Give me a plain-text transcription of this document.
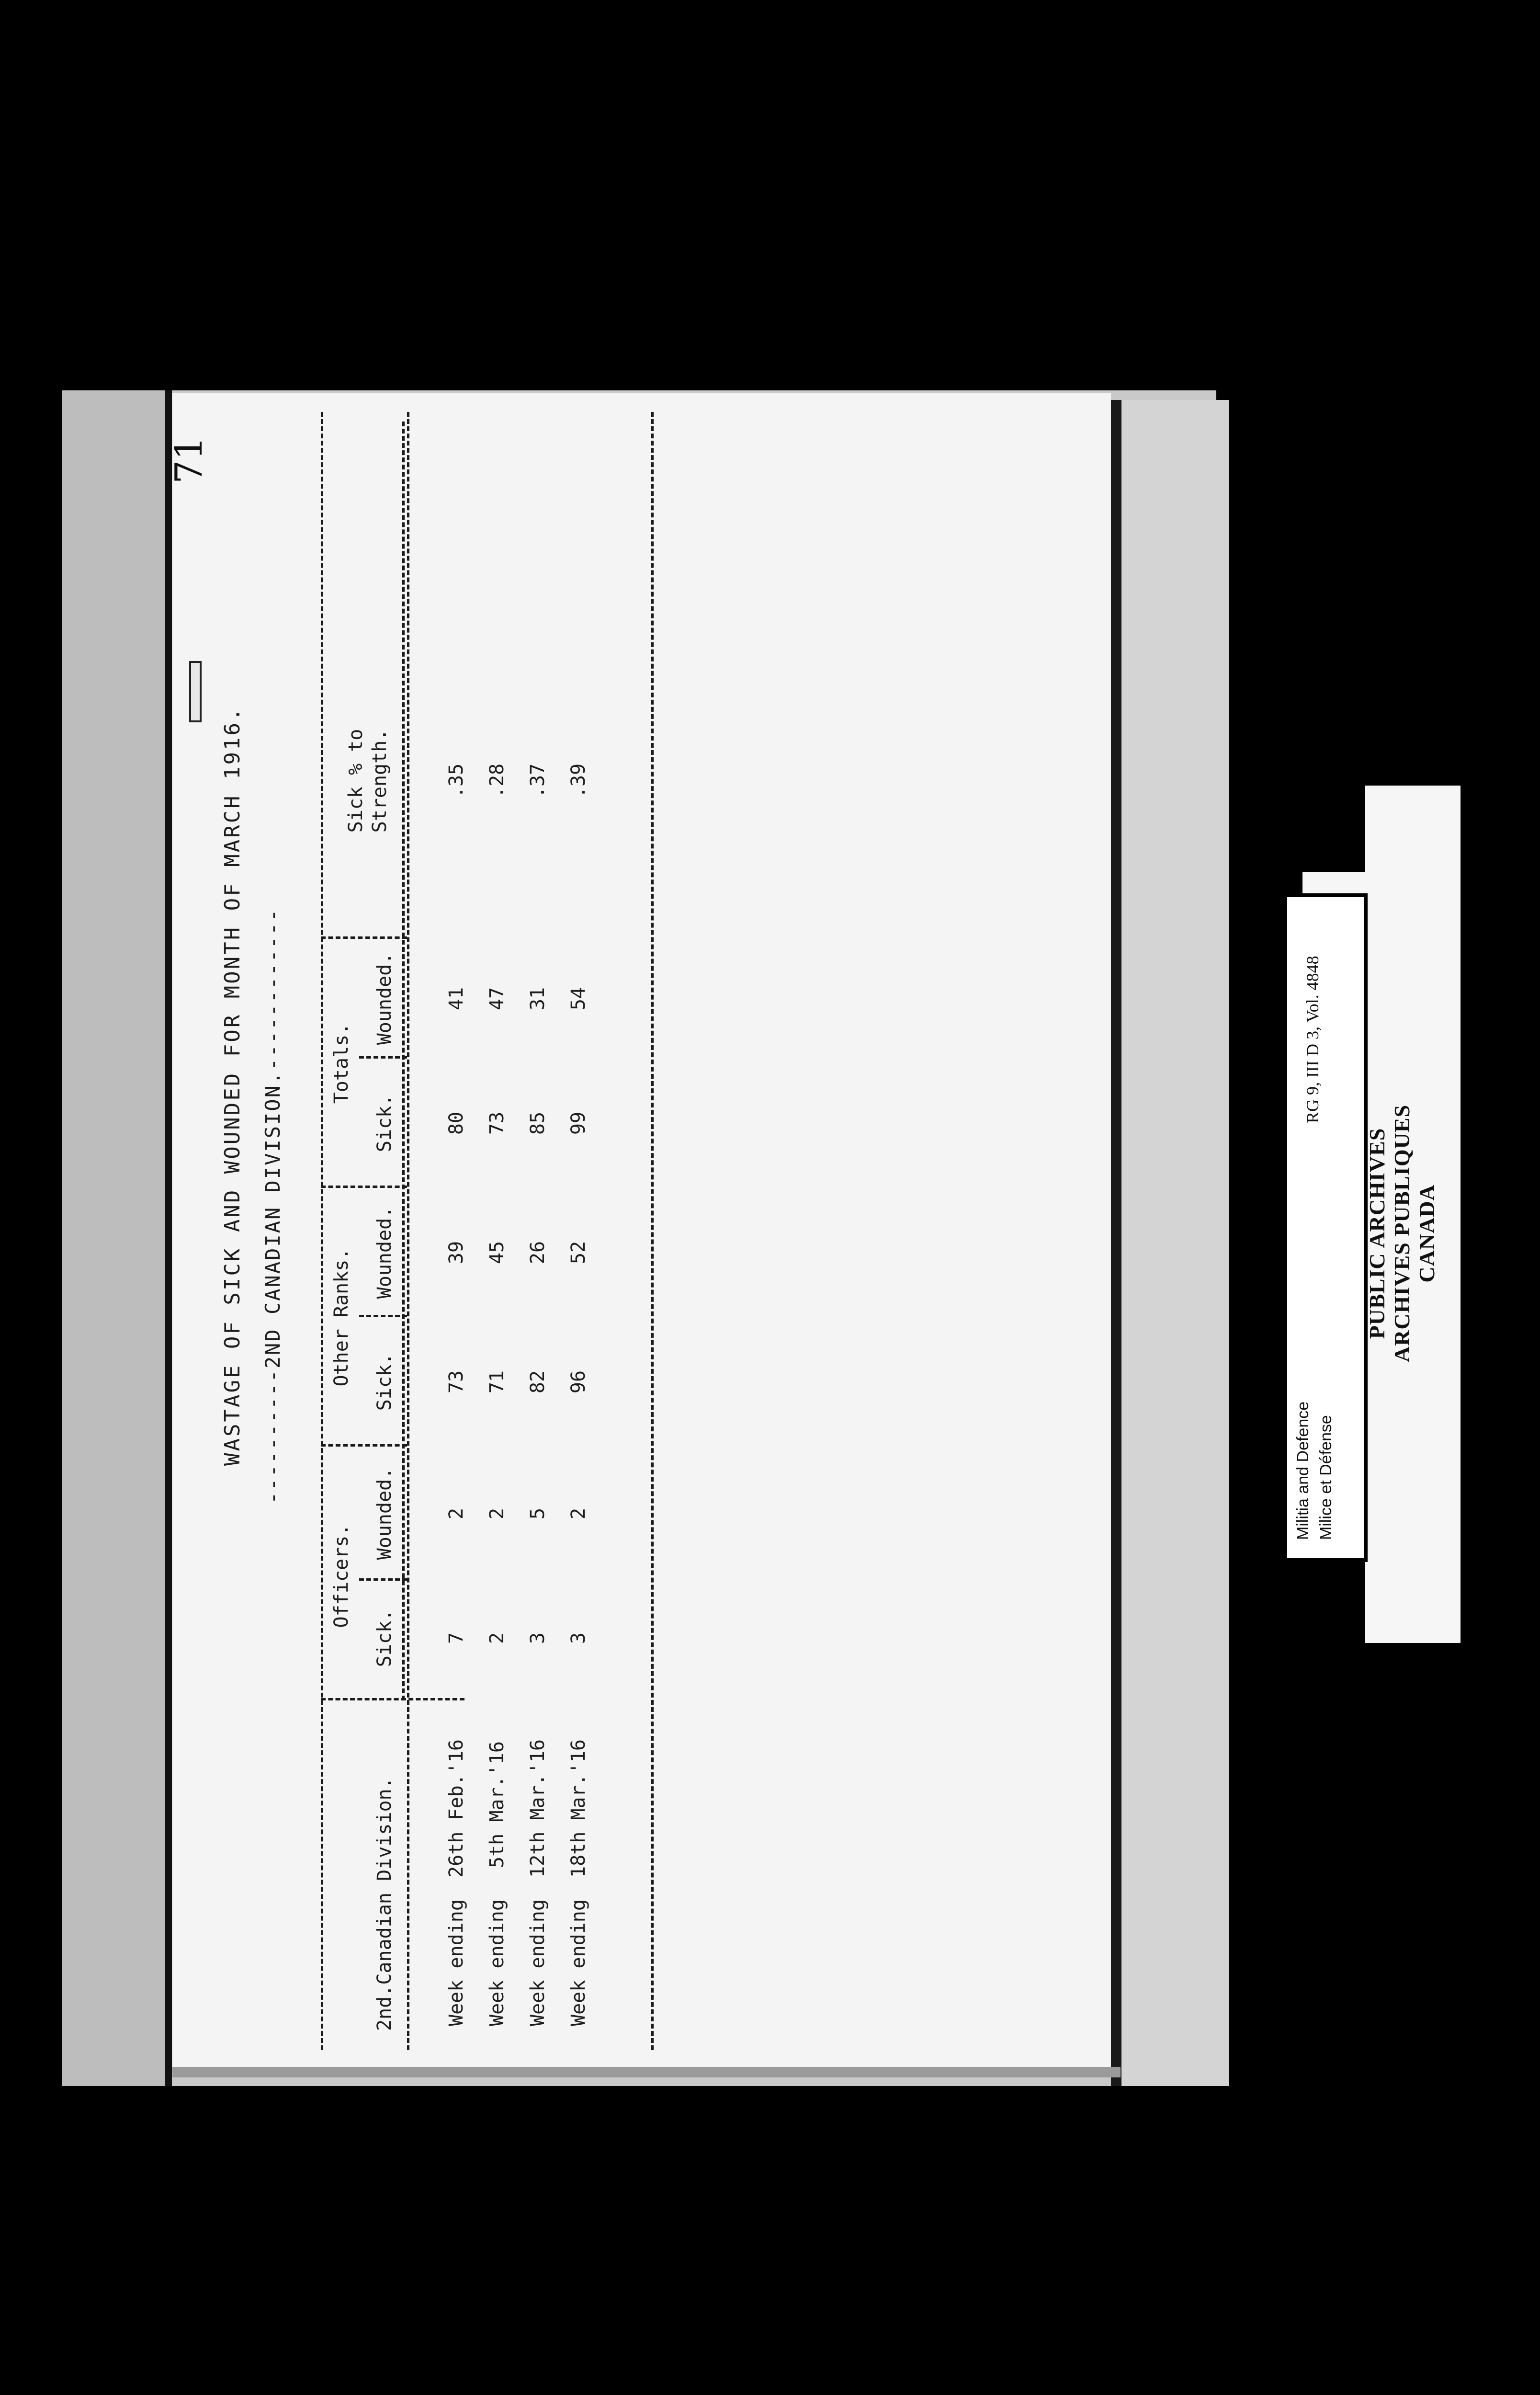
71
WASTAGE OF SICK AND WOUNDED FOR MONTH OF MARCH 1916. ----------2ND CANADIAN DIVISION.------------
2nd.Canadian Division.
Officers.
Sick.
Wounded.
Other Ranks. Sick.
Wounded.
Totals.
Sick.
Wounded.
Sick % to Strength.
Week ending
26th Feb.'16
7
2
73
39
80
41
.35
Week ending
5th Mar.'16
2
2
71
45
73
47
.28
Week ending
12th Mar.'16
3
5
82
26
85
31
.37
Week ending
18th Mar.'16
3
2
96
52
99
54
.39
Militia and Defence Milice et Défense
RG 9, III D 3, Vol. 4848
PUBLIC ARCHIVES ARCHIVES PUBLIQUES CANADA
